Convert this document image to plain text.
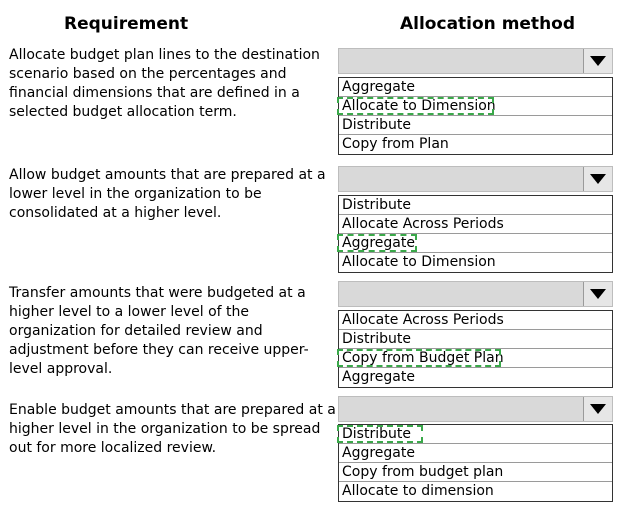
Requirement	Allocation method
Allocate budget plan lines to the destination scenario based on the percentages and financial dimensions that are defined in a selected budget allocation term.
Aggregate
Allocate to Dimension
Distribute
Copy from Plan
Allow budget amounts that are prepared at a lower level in the organization to be consolidated at a higher level.	Distribute
Allocate Across Periods
Aggregate
Allocate to Dimension
Transfer amounts that were budgeted at a higher level to a lower level of the organization for detailed review and adjustment before they can receive upper-level approval.
Allocate Across Periods
Distribute
Copy from Budget Plan
Aggregate
Enable budget amounts that are prepared at a higher level in the organization to be spread out for more localized review.
Distribute
Aggregate
Copy from budget plan
Allocate to dimension
